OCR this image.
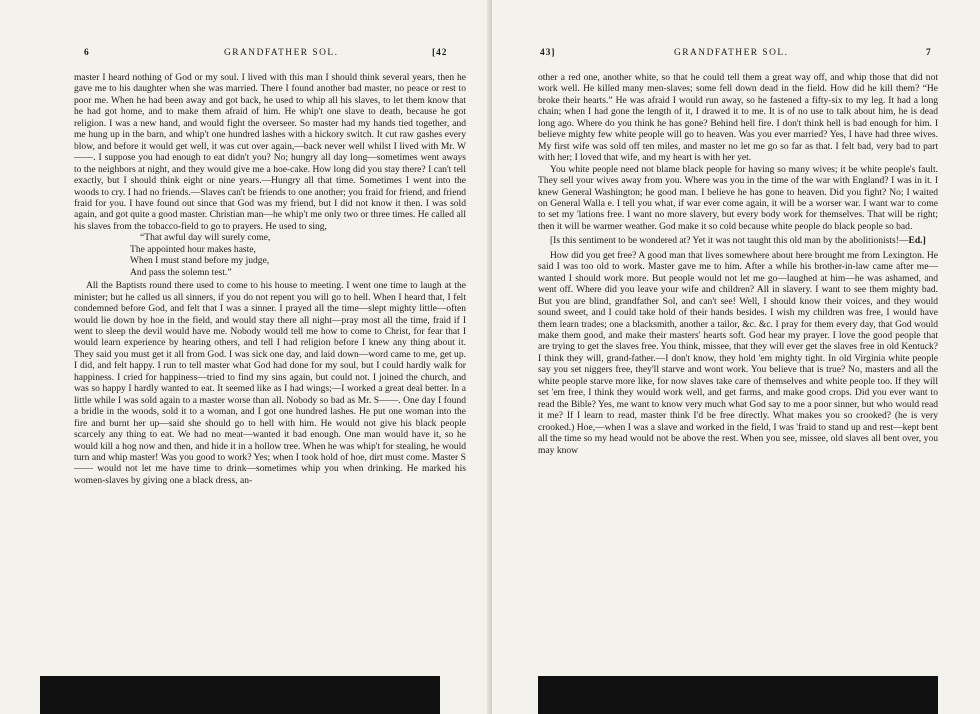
6	GRANDFATHER SOL.	[42

master I heard nothing of God or my soul. I lived with this man I should think several years, then he gave me to his daughter when she was married. There I found another bad master, no peace or rest to poor me. When he had been away and got back, he used to whip all his slaves, to let them know that he had got home, and to make them afraid of him. He whip't one slave to death, because he got religion. I was a new hand, and would fight the overseer. So master had my hands tied together, and me hung up in the barn, and whip't one hundred lashes with a hickory switch. It cut raw gashes every blow, and before it would get well, it was cut over again,—back never well whilst I lived with Mr. W——. I suppose you had enough to eat didn't you? No; hungry all day long—sometimes went aways to the neighbors at night, and they would give me a hoe-cake. How long did you stay there? I can't tell exactly, but I should think eight or nine years.—Hungry all that time. Sometimes I went into the woods to cry. I had no friends.—Slaves can't be friends to one another; you fraid for friend, and friend fraid for you. I have found out since that God was my friend, but I did not know it then. I was sold again, and got quite a good master. Christian man—he whip't me only two or three times. He called all his slaves from the tobacco-field to go to prayers. He used to sing,

“That awful day will surely come,
The appointed hour makes haste,
When I must stand before my judge,
And pass the solemn test.”

All the Baptists round there used to come to his house to meeting. I went one time to laugh at the minister; but he called us all sinners, if you do not repent you will go to hell. When I heard that, I felt condemned before God, and felt that I was a sinner. I prayed all the time—slept mighty little—often would lie down by hoe in the field, and would stay there all night—pray most all the time, fraid if I went to sleep the devil would have me. Nobody would tell me how to come to Christ, for fear that I would learn experience by hearing others, and tell I had religion before I knew any thing about it. They said you must get it all from God. I was sick one day, and laid down—word came to me, get up. I did, and felt happy. I run to tell master what God had done for my soul, but I could hardly walk for happiness. I cried for happiness—tried to find my sins again, but could not. I joined the church, and was so happy I hardly wanted to eat. It seemed like as I had wings;—I worked a great deal better. In a little while I was sold again to a master worse than all. Nobody so bad as Mr. S——. One day I found a bridle in the woods, sold it to a woman, and I got one hundred lashes. He put one woman into the fire and burnt her up—said she should go to hell with him. He would not give his black people scarcely any thing to eat. We had no meat—wanted it bad enough. One man would have it, so he would kill a hog now and then, and hide it in a hollow tree. When he was whip't for stealing, he would turn and whip master! Was you good to work? Yes; when I took hold of hoe, dirt must come. Master S—— would not let me have time to drink—sometimes whip you when drinking. He marked his women-slaves by giving one a black dress, an-

43]	GRANDFATHER SOL.	7

other a red one, another white, so that he could tell them a great way off, and whip those that did not work well. He killed many men-slaves; some fell down dead in the field. How did he kill them? “He broke their hearts.” He was afraid I would run away, so he fastened a fifty-six to my leg. It had a long chain; when I had gone the length of it, I drawed it to me. It is of no use to talk about him, he is dead long ago. Where do you think he has gone? Behind hell fire. I don't think hell is bad enough for him. I believe mighty few white people will go to heaven. Was you ever married? Yes, I have had three wives. My first wife was sold off ten miles, and master no let me go so far as that. I felt bad, very bad to part with her; I loved that wife, and my heart is with her yet.

You white people need not blame black people for having so many wives; it be white people's fault. They sell your wives away from you. Where was you in the time of the war with England? I was in it. I knew General Washington; he good man. I believe he has gone to heaven. Did you fight? No; I waited on General Walla e. I tell you what, if war ever come again, it will be a worser war. I want war to come to set my 'lations free. I want no more slavery, but every body work for themselves. That will be right; then it will be warmer weather. God make it so cold because white people do black people so bad.

[Is this sentiment to be wondered at? Yet it was not taught this old man by the abolitionists!—Ed.]

How did you get free? A good man that lives somewhere about here brought me from Lexington. He said I was too old to work. Master gave me to him. After a while his brother-in-law came after me—wanted I should work more. But people would not let me go—laughed at him—he was ashamed, and went off. Where did you leave your wife and children? All in slavery. I want to see them mighty bad. But you are blind, grandfather Sol, and can't see! Well, I should know their voices, and they would sound sweet, and I could take hold of their hands besides. I wish my children was free, I would have them learn trades; one a blacksmith, another a tailor, &c. &c. I pray for them every day, that God would make them good, and make their masters' hearts soft. God hear my prayer. I love the good people that are trying to get the slaves free. You think, missee, that they will ever get the slaves free in old Kentuck? I think they will, grand-father.—I don't know, they hold 'em mighty tight. In old Virginia white people say you set niggers free, they'll starve and wont work. You believe that is true? No, masters and all the white people starve more like, for now slaves take care of themselves and white people too. If they will set 'em free, I think they would work well, and get farms, and make good crops. Did you ever want to read the Bible? Yes, me want to know very much what God say to me a poor sinner, but who would read it me? If I learn to read, master think I'd be free directly. What makes you so crooked? (he is very crooked.) Hoe,—when I was a slave and worked in the field, I was 'fraid to stand up and rest—kept bent all the time so my head would not be above the rest. When you see, missee, old slaves all bent over, you may know
